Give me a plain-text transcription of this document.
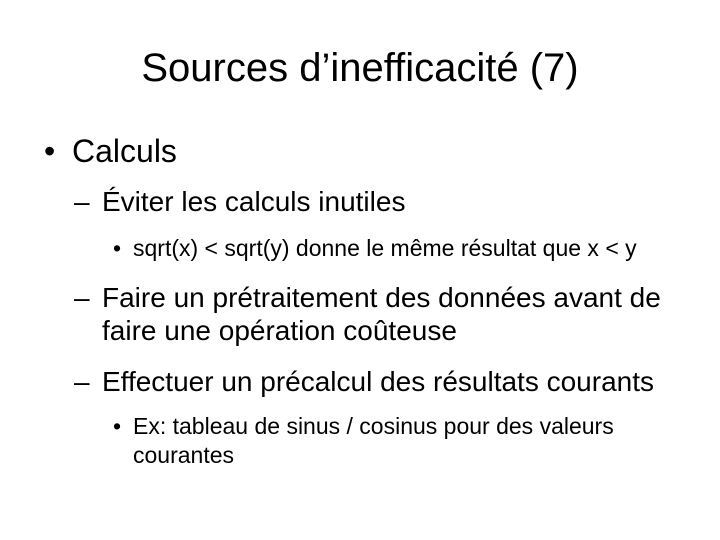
Sources d’inefficacité (7)
• Calculs
– Éviter les calculs inutiles
• sqrt(x) < sqrt(y) donne le même résultat que x < y
– Faire un prétraitement des données avant de
faire une opération coûteuse
– Effectuer un précalcul des résultats courants
• Ex: tableau de sinus / cosinus pour des valeurs
courantes
